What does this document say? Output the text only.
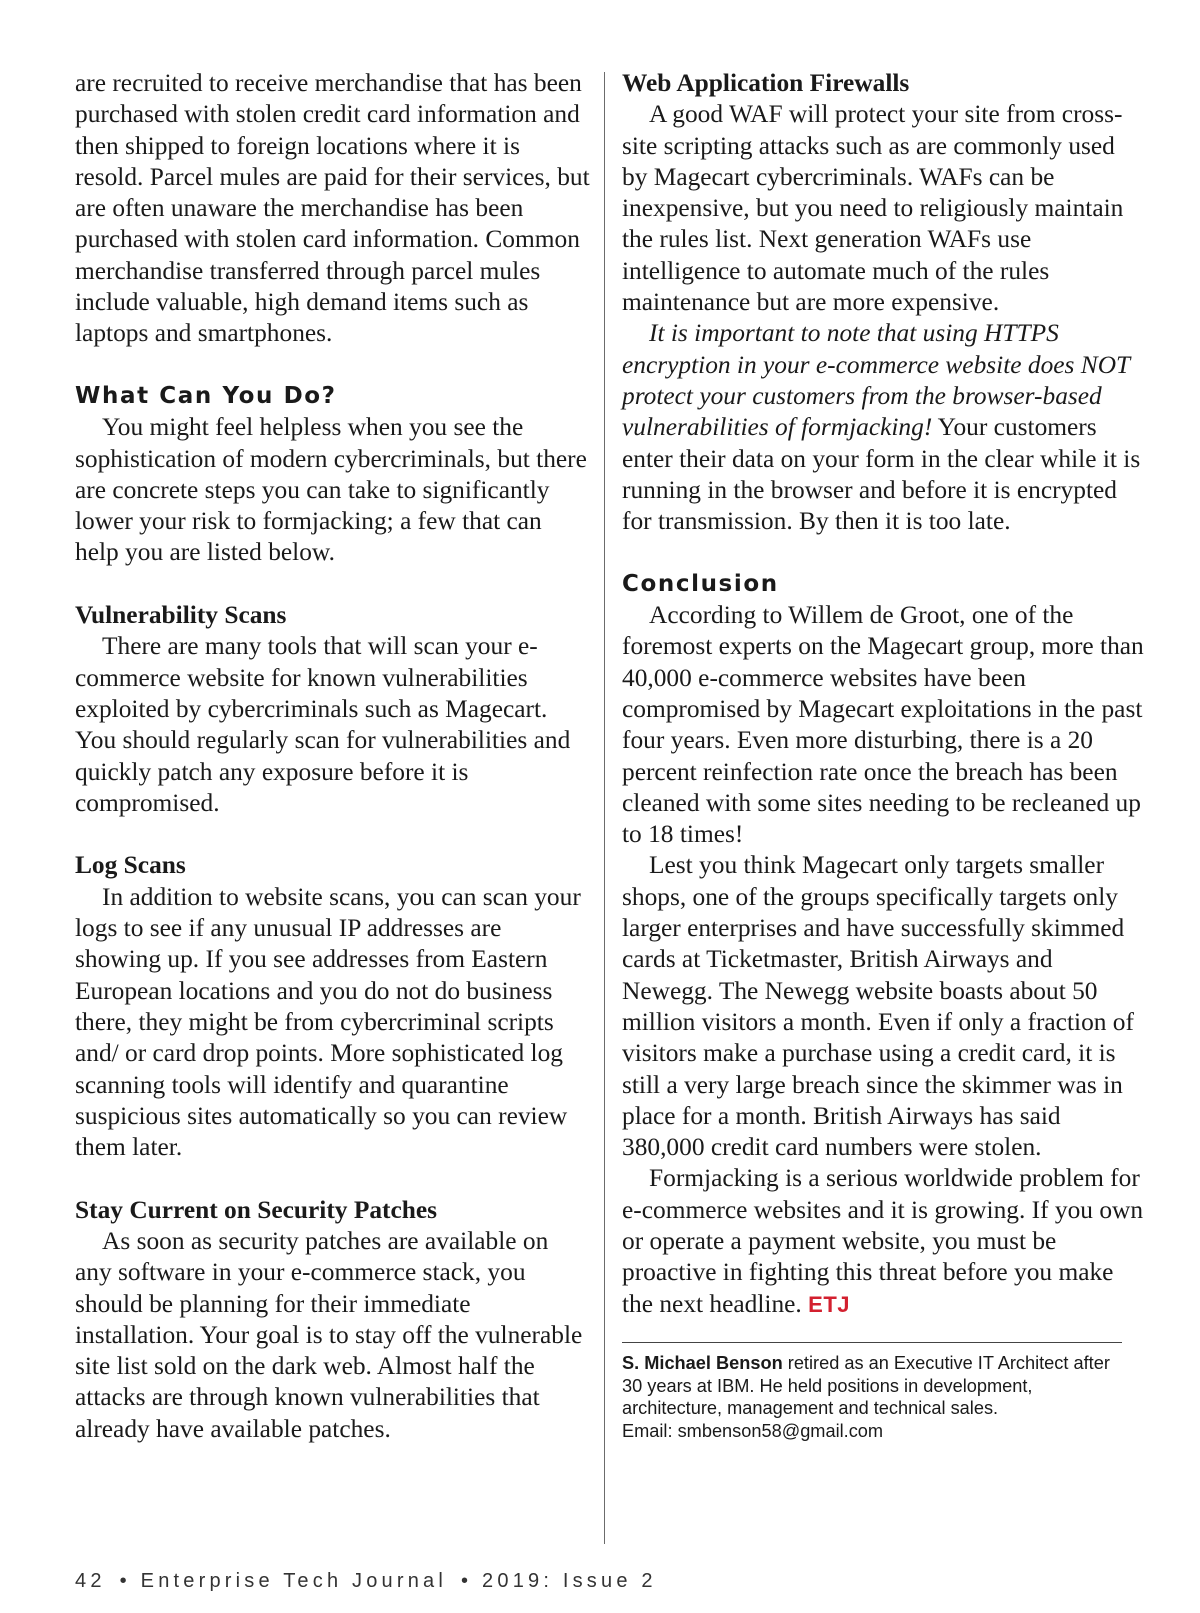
are recruited to receive merchandise that has been purchased with stolen credit card information and then shipped to foreign locations where it is resold. Parcel mules are paid for their services, but are often unaware the merchandise has been purchased with stolen card information. Common merchandise transferred through parcel mules include valuable, high demand items such as laptops and smartphones.

What Can You Do?

You might feel helpless when you see the sophistication of modern cybercriminals, but there are concrete steps you can take to significantly lower your risk to formjacking; a few that can help you are listed below.

Vulnerability Scans

There are many tools that will scan your e-commerce website for known vulnerabilities exploited by cybercriminals such as Magecart. You should regularly scan for vulnerabilities and quickly patch any exposure before it is compromised.

Log Scans

In addition to website scans, you can scan your logs to see if any unusual IP addresses are showing up. If you see addresses from Eastern European locations and you do not do business there, they might be from cybercriminal scripts and/ or card drop points. More sophisticated log scanning tools will identify and quarantine suspicious sites automatically so you can review them later.

Stay Current on Security Patches

As soon as security patches are available on any software in your e-commerce stack, you should be planning for their immediate installation. Your goal is to stay off the vulnerable site list sold on the dark web. Almost half the attacks are through known vulnerabilities that already have available patches.

Web Application Firewalls

A good WAF will protect your site from cross-site scripting attacks such as are commonly used by Magecart cybercriminals. WAFs can be inexpensive, but you need to religiously maintain the rules list. Next generation WAFs use intelligence to automate much of the rules maintenance but are more expensive.

It is important to note that using HTTPS encryption in your e-commerce website does NOT protect your customers from the browser-based vulnerabilities of formjacking! Your customers enter their data on your form in the clear while it is running in the browser and before it is encrypted for transmission. By then it is too late.

Conclusion

According to Willem de Groot, one of the foremost experts on the Magecart group, more than 40,000 e-commerce websites have been compromised by Magecart exploitations in the past four years. Even more disturbing, there is a 20 percent reinfection rate once the breach has been cleaned with some sites needing to be recleaned up to 18 times!

Lest you think Magecart only targets smaller shops, one of the groups specifically targets only larger enterprises and have successfully skimmed cards at Ticketmaster, British Airways and Newegg. The Newegg website boasts about 50 million visitors a month. Even if only a fraction of visitors make a purchase using a credit card, it is still a very large breach since the skimmer was in place for a month. British Airways has said 380,000 credit card numbers were stolen.

Formjacking is a serious worldwide problem for e-commerce websites and it is growing. If you own or operate a payment website, you must be proactive in fighting this threat before you make the next headline. ETJ

S. Michael Benson retired as an Executive IT Architect after 30 years at IBM. He held positions in development, architecture, management and technical sales.
Email: smbenson58@gmail.com

42 • Enterprise Tech Journal • 2019: Issue 2
